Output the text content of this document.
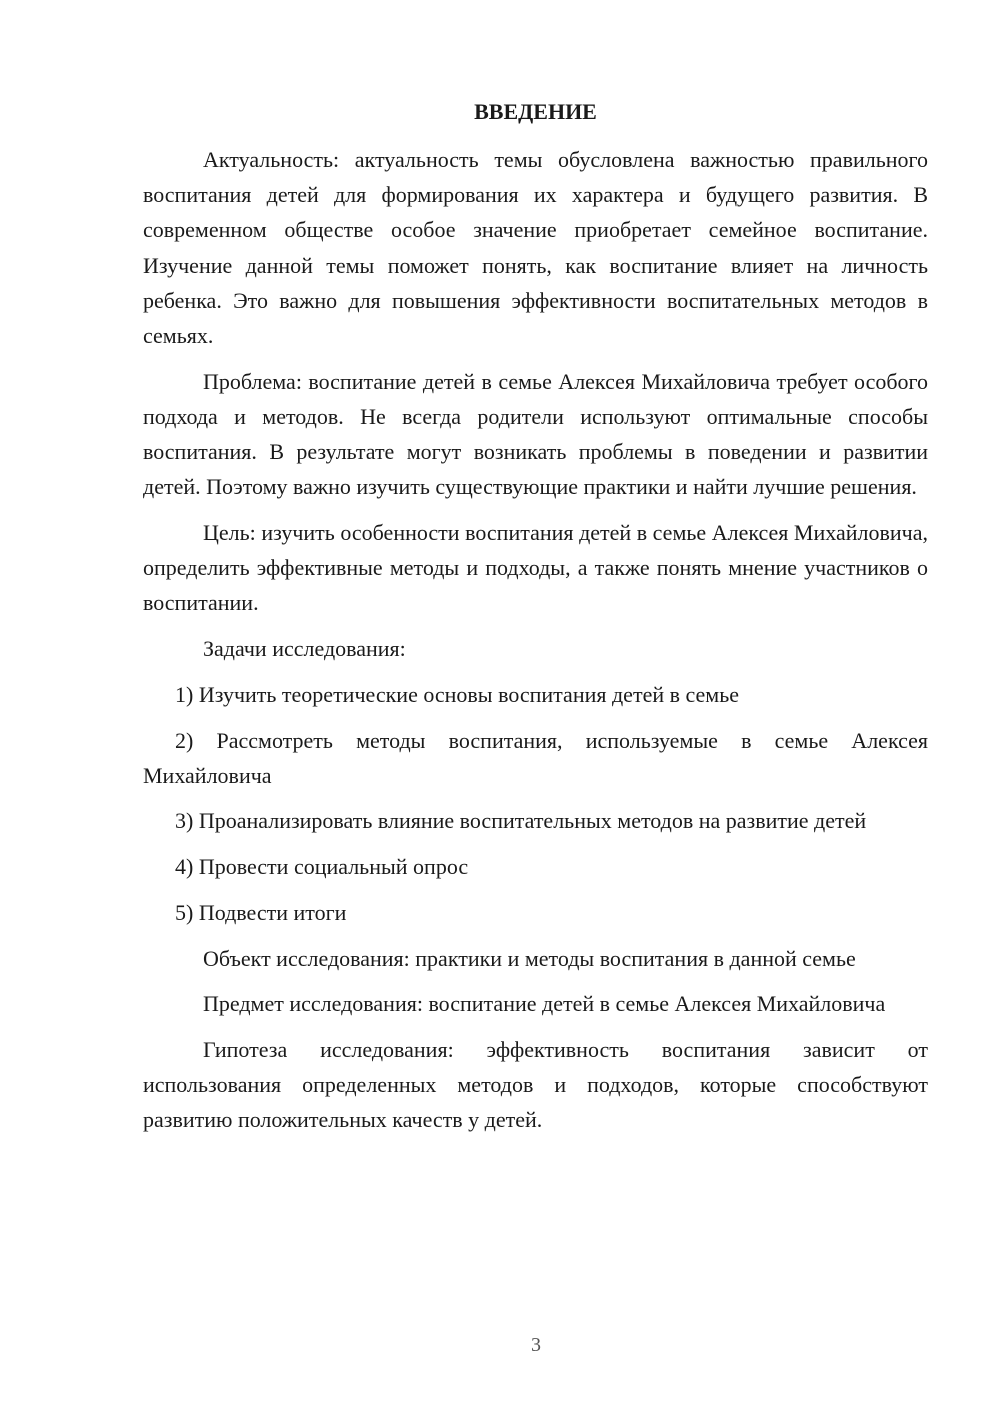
ВВЕДЕНИЕ

Актуальность: актуальность темы обусловлена важностью правильного воспитания детей для формирования их характера и будущего развития. В современном обществе особое значение приобретает семейное воспитание. Изучение данной темы поможет понять, как воспитание влияет на личность ребенка. Это важно для повышения эффективности воспитательных методов в семьях.

Проблема: воспитание детей в семье Алексея Михайловича требует особого подхода и методов. Не всегда родители используют оптимальные способы воспитания. В результате могут возникать проблемы в поведении и развитии детей. Поэтому важно изучить существующие практики и найти лучшие решения.

Цель: изучить особенности воспитания детей в семье Алексея Михайловича, определить эффективные методы и подходы, а также понять мнение участников о воспитании.

Задачи исследования:

1) Изучить теоретические основы воспитания детей в семье

2) Рассмотреть методы воспитания, используемые в семье Алексея Михайловича

3) Проанализировать влияние воспитательных методов на развитие детей

4) Провести социальный опрос

5) Подвести итоги

Объект исследования: практики и методы воспитания в данной семье

Предмет исследования: воспитание детей в семье Алексея Михайловича

Гипотеза исследования: эффективность воспитания зависит от использования определенных методов и подходов, которые способствуют развитию положительных качеств у детей.

3
